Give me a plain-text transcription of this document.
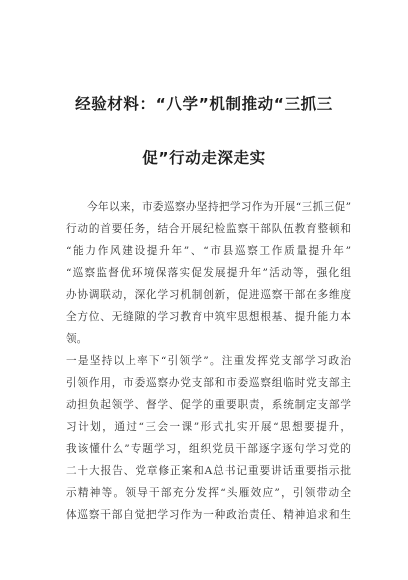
经验材料：“八学”机制推动“三抓三
促”行动走深走实
今年以来，市委巡察办坚持把学习作为开展“三抓三促”
行动的首要任务，结合开展纪检监察干部队伍教育整顿和
“能力作风建设提升年”、“市县巡察工作质量提升年”
“巡察监督优环境保落实促发展提升年”活动等，强化组
办协调联动，深化学习机制创新，促进巡察干部在多维度
全方位、无缝隙的学习教育中筑牢思想根基、提升能力本
领。
一是坚持以上率下“引领学”。注重发挥党支部学习政治
引领作用，市委巡察办党支部和市委巡察组临时党支部主
动担负起领学、督学、促学的重要职责，系统制定支部学
习计划，通过“三会一课”形式扎实开展“思想要提升，
我该懂什么”专题学习，组织党员干部逐字逐句学习党的
二十大报告、党章修正案和A总书记重要讲话重要指示批
示精神等。领导干部充分发挥“头雁效应”，引领带动全
体巡察干部自觉把学习作为一种政治责任、精神追求和生
